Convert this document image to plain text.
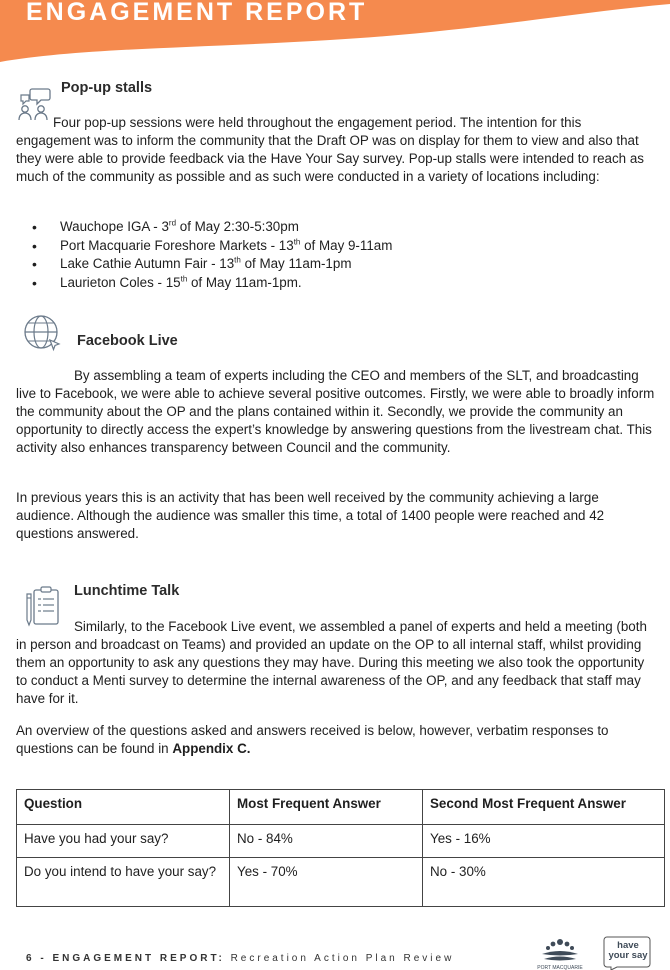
ENGAGEMENT REPORT
Pop-up stalls

Four pop-up sessions were held throughout the engagement period. The intention for this engagement was to inform the community that the Draft OP was on display for them to view and also that they were able to provide feedback via the Have Your Say survey. Pop-up stalls were intended to reach as much of the community as possible and as such were conducted in a variety of locations including:

• Wauchope IGA - 3rd of May 2:30-5:30pm
• Port Macquarie Foreshore Markets - 13th of May 9-11am
• Lake Cathie Autumn Fair - 13th of May 11am-1pm
• Laurieton Coles - 15th of May 11am-1pm.
Facebook Live

By assembling a team of experts including the CEO and members of the SLT, and broadcasting live to Facebook, we were able to achieve several positive outcomes. Firstly, we were able to broadly inform the community about the OP and the plans contained within it. Secondly, we provide the community an opportunity to directly access the expert’s knowledge by answering questions from the livestream chat. This activity also enhances transparency between Council and the community.

In previous years this is an activity that has been well received by the community achieving a large audience. Although the audience was smaller this time, a total of 1400 people were reached and 42 questions answered.

Lunchtime Talk

Similarly, to the Facebook Live event, we assembled a panel of experts and held a meeting (both in person and broadcast on Teams) and provided an update on the OP to all internal staff, whilst providing them an opportunity to ask any questions they may have. During this meeting we also took the opportunity to conduct a Menti survey to determine the internal awareness of the OP, and any feedback that staff may have for it.

An overview of the questions asked and answers received is below, however, verbatim responses to questions can be found in Appendix C.

Question	Most Frequent Answer	Second Most Frequent Answer
Have you had your say?	No - 84%	Yes - 16%
Do you intend to have your say?	Yes - 70%	No - 30%
6 - ENGAGEMENT REPORT: Recreation Action Plan Review
PORT MACQUARIE
have your say
